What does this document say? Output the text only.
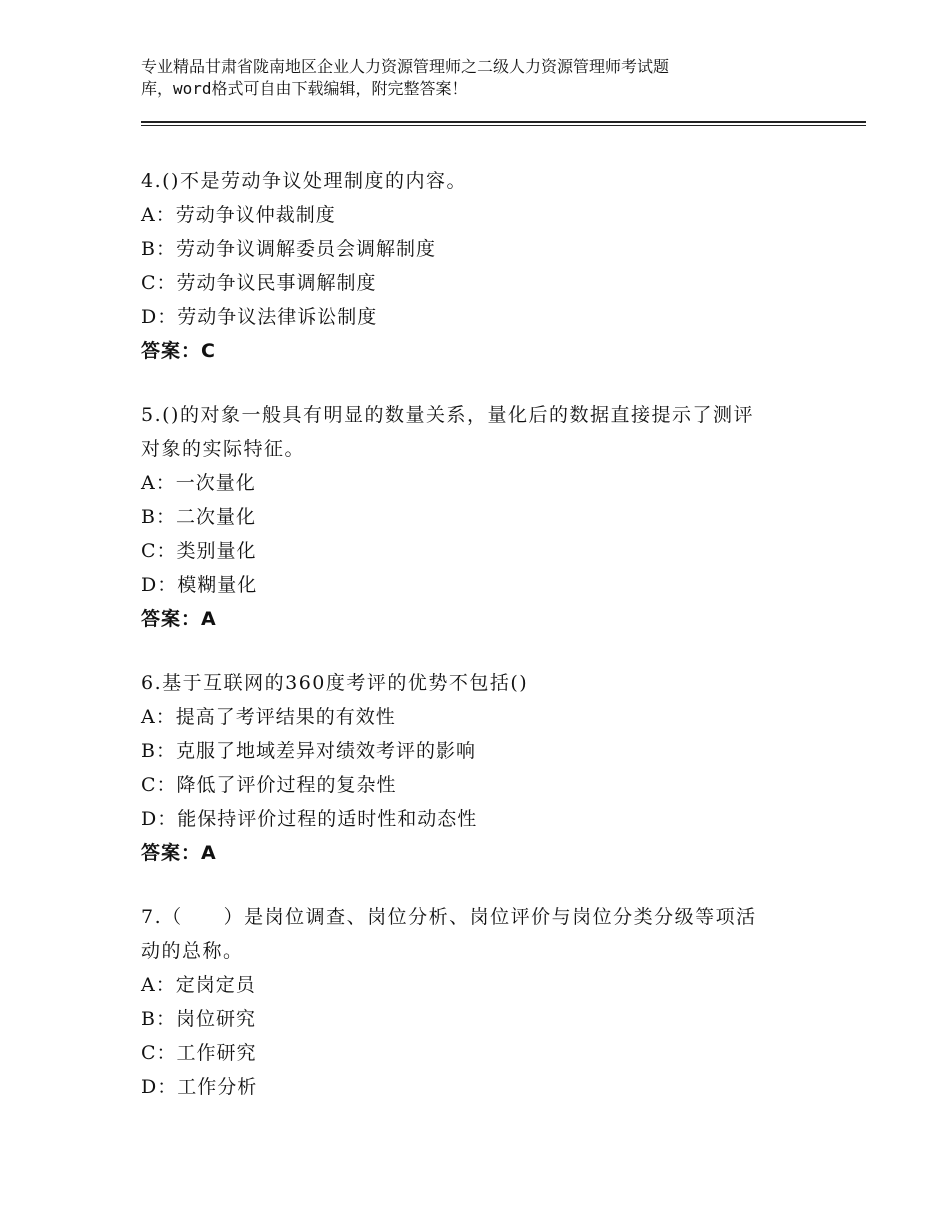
专业精品甘肃省陇南地区企业人力资源管理师之二级人力资源管理师考试题
库，word格式可自由下载编辑，附完整答案！
4.()不是劳动争议处理制度的内容。
A：劳动争议仲裁制度
B：劳动争议调解委员会调解制度
C：劳动争议民事调解制度
D：劳动争议法律诉讼制度
答案：C
5.()的对象一般具有明显的数量关系，量化后的数据直接提示了测评
对象的实际特征。
A：一次量化
B：二次量化
C：类别量化
D：模糊量化
答案：A
6.基于互联网的360度考评的优势不包括()
A：提高了考评结果的有效性
B：克服了地域差异对绩效考评的影响
C：降低了评价过程的复杂性
D：能保持评价过程的适时性和动态性
答案：A
7.（　　）是岗位调查、岗位分析、岗位评价与岗位分类分级等项活
动的总称。
A：定岗定员
B：岗位研究
C：工作研究
D：工作分析
